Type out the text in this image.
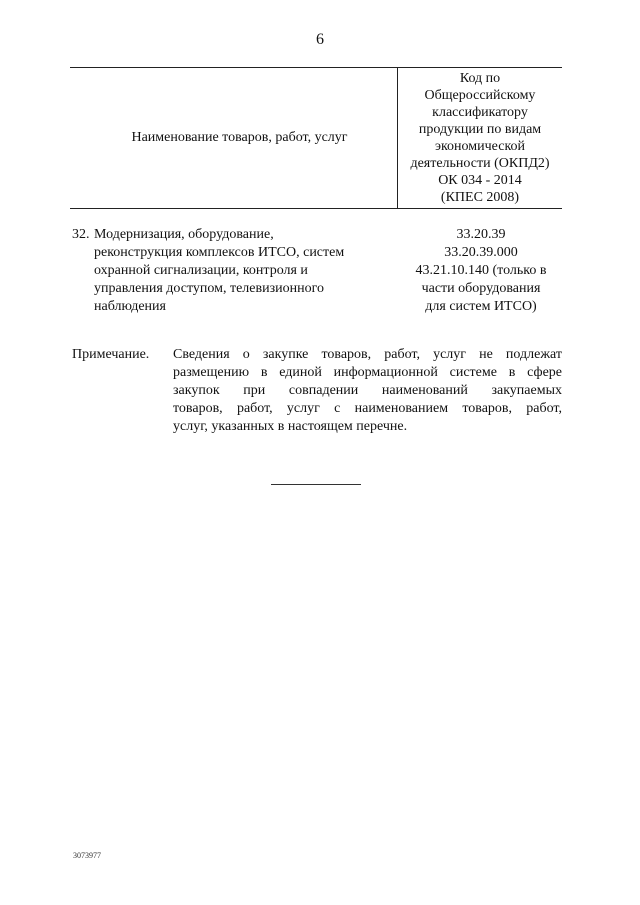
6
Наименование товаров, работ, услуг
Код по
Общероссийскому
классификатору
продукции по видам
экономической
деятельности (ОКПД2)
ОК 034 - 2014
(КПЕС 2008)
32. Модернизация, оборудование,
реконструкция комплексов ИТСО, систем
охранной сигнализации, контроля и
управления доступом, телевизионного
наблюдения
33.20.39
33.20.39.000
43.21.10.140 (только в
части оборудования
для систем ИТСО)
Примечание. Сведения о закупке товаров, работ, услуг не подлежат
размещению в единой информационной системе в сфере
закупок при совпадении наименований закупаемых
товаров, работ, услуг с наименованием товаров, работ,
услуг, указанных в настоящем перечне.
3073977
